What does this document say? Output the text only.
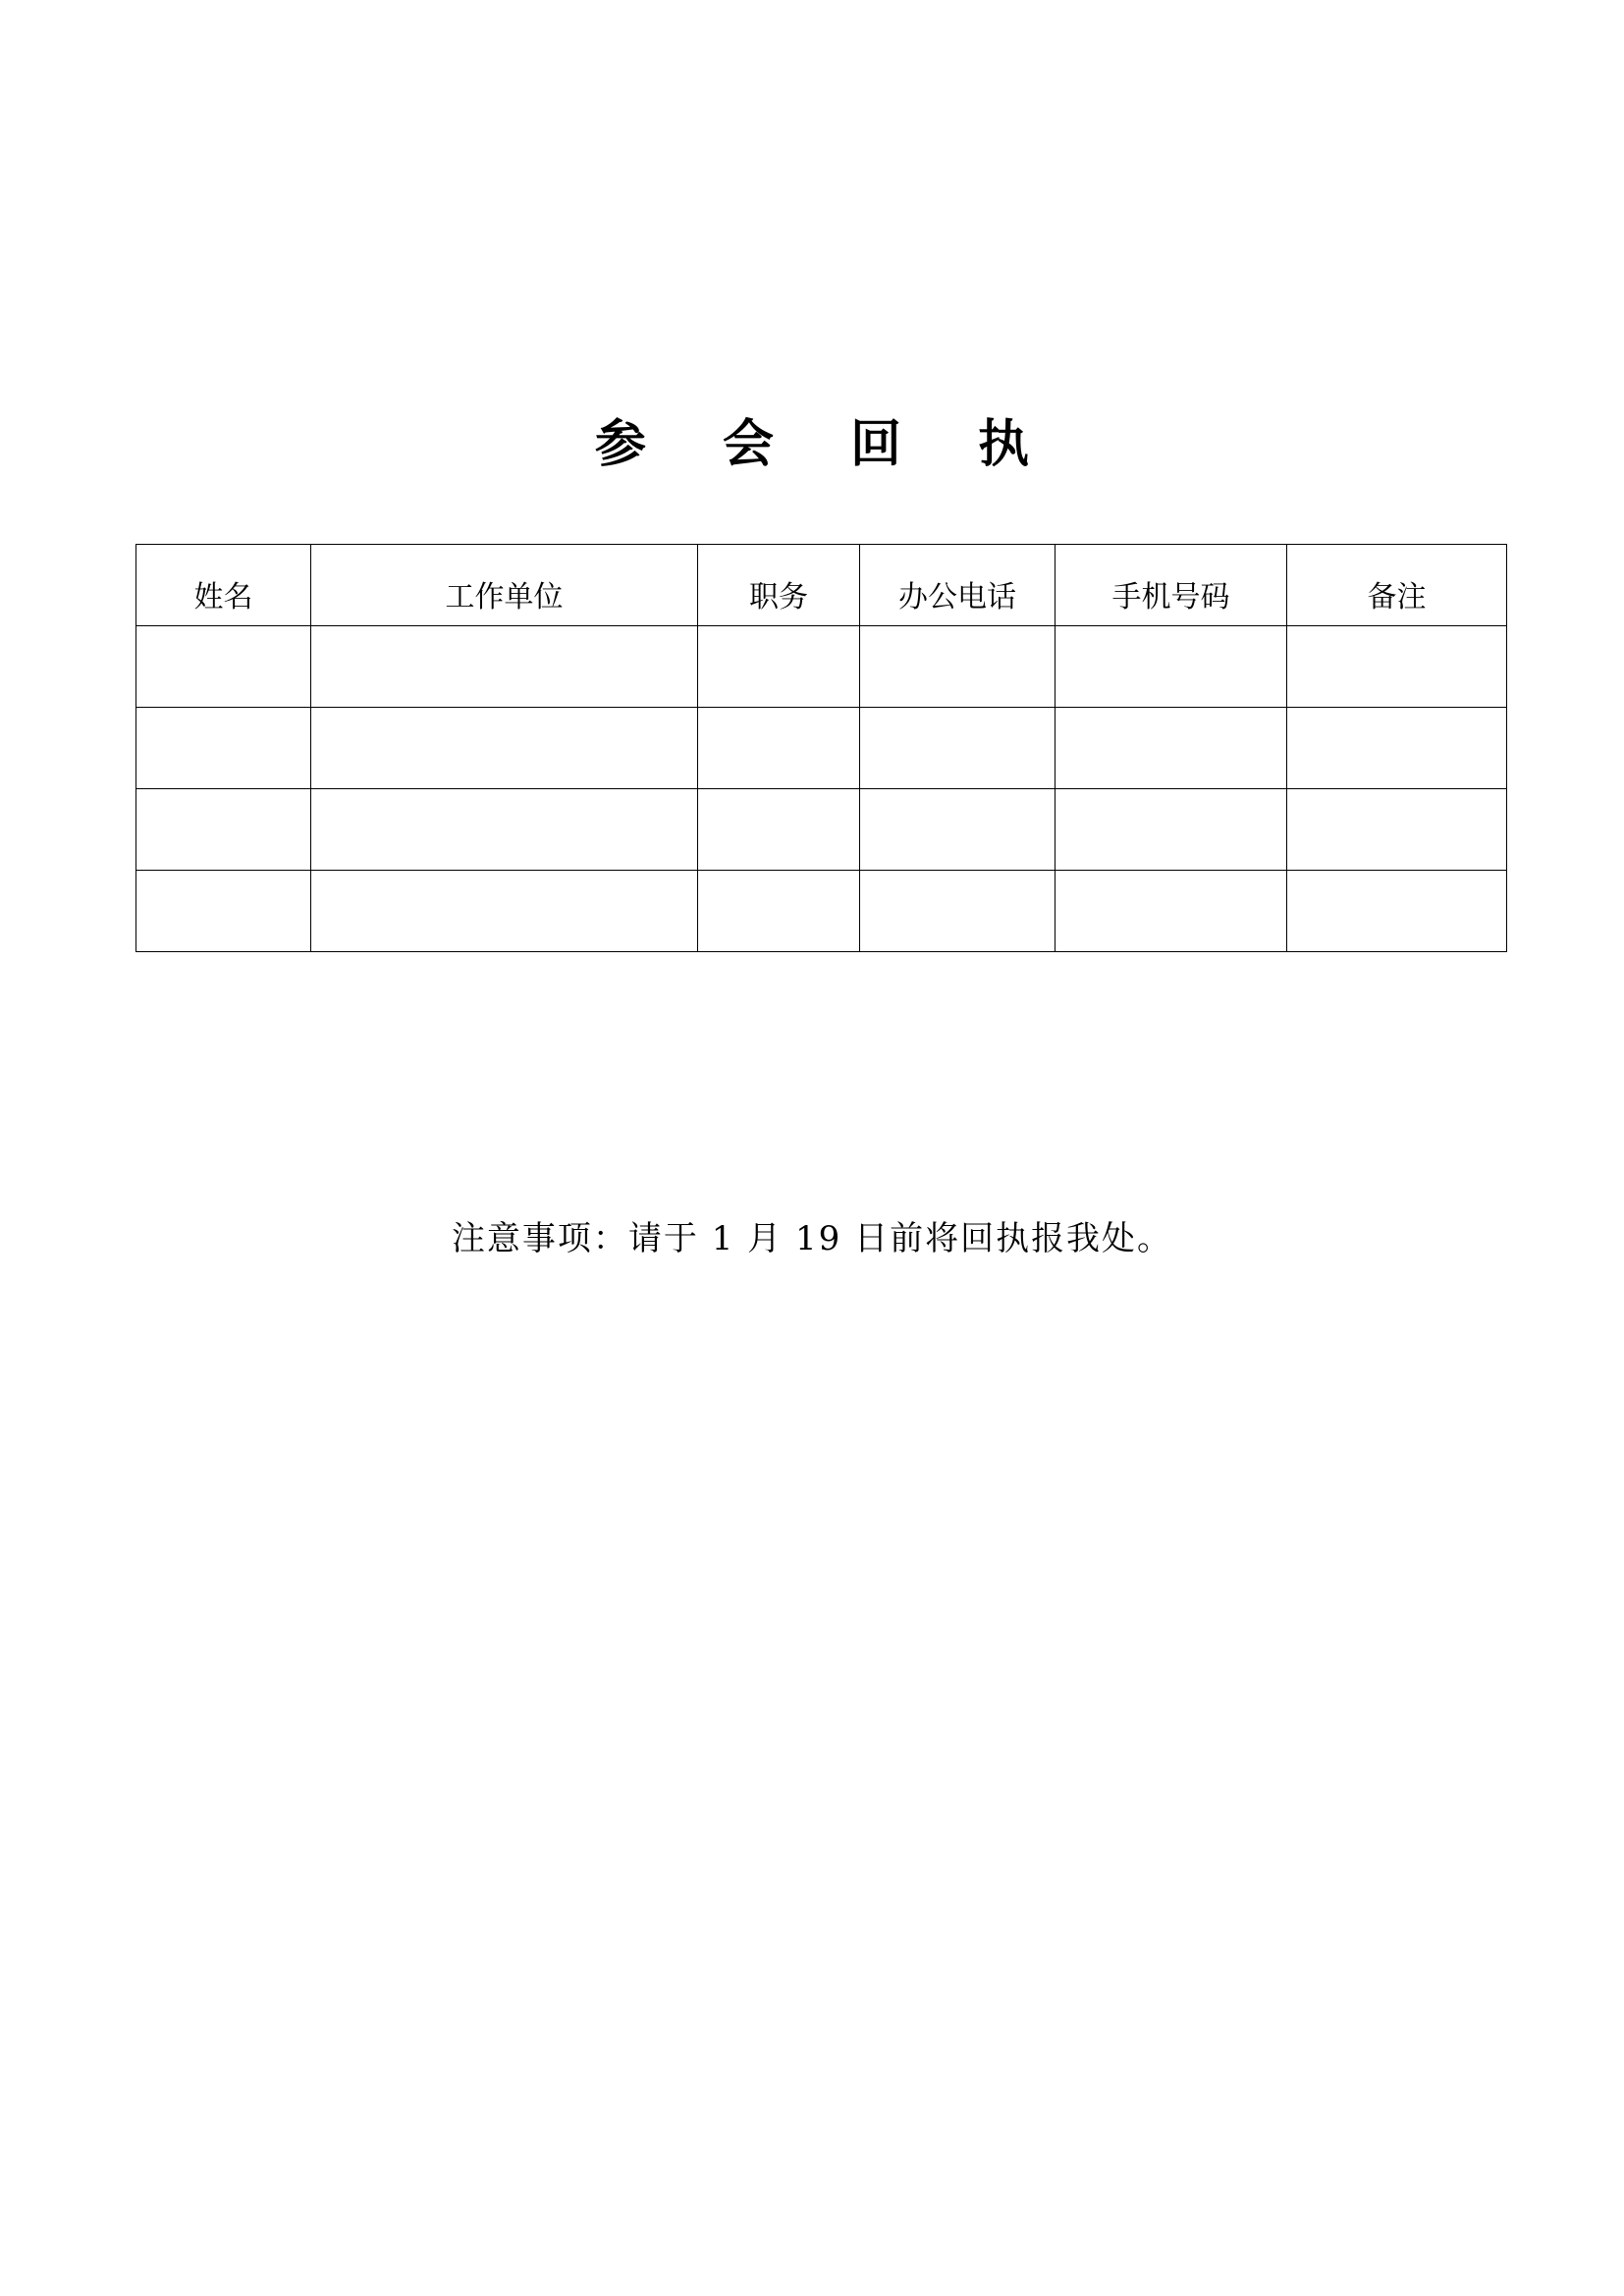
参 会 回 执
姓名	工作单位	职务	办公电话	手机号码	备注

注意事项：请于 1 月 19 日前将回执报我处。
